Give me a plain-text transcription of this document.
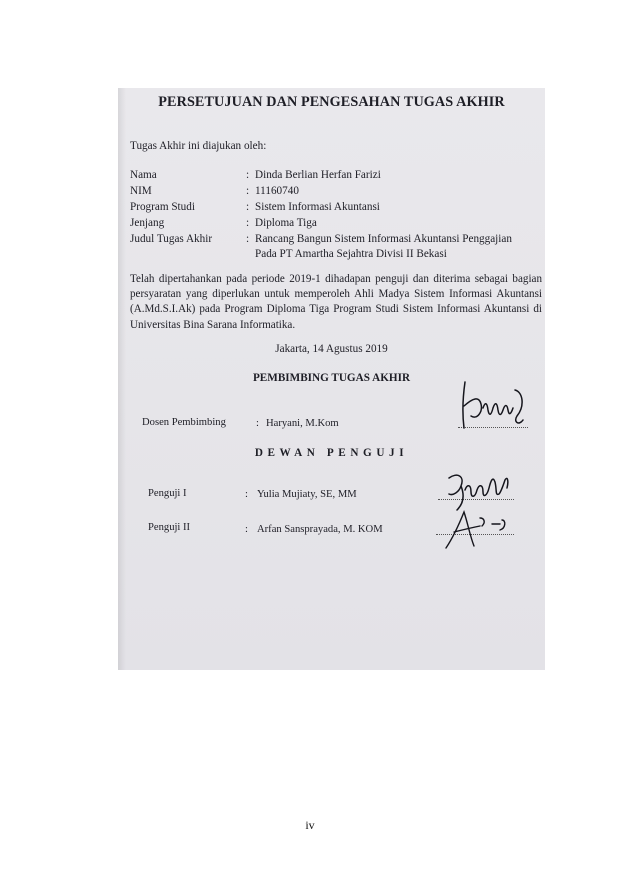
PERSETUJUAN DAN PENGESAHAN TUGAS AKHIR
Tugas Akhir ini diajukan oleh:
Nama	: Dinda Berlian Herfan Farizi
NIM	: 11160740
Program Studi	: Sistem Informasi Akuntansi
Jenjang	: Diploma Tiga
Judul Tugas Akhir	: Rancang Bangun Sistem Informasi Akuntansi Penggajian
Pada PT Amartha Sejahtra Divisi II Bekasi
Telah dipertahankan pada periode 2019-1 dihadapan penguji dan diterima sebagai bagian persyaratan yang diperlukan untuk memperoleh Ahli Madya Sistem Informasi Akuntansi (A.Md.S.I.Ak) pada Program Diploma Tiga Program Studi Sistem Informasi Akuntansi di Universitas Bina Sarana Informatika.
Jakarta, 14 Agustus 2019
PEMBIMBING TUGAS AKHIR
Dosen Pembimbing	: Haryani, M.Kom
DEWAN PENGUJI
Penguji I	: Yulia Mujiaty, SE, MM
Penguji II	: Arfan Sansprayada, M. KOM
iv
